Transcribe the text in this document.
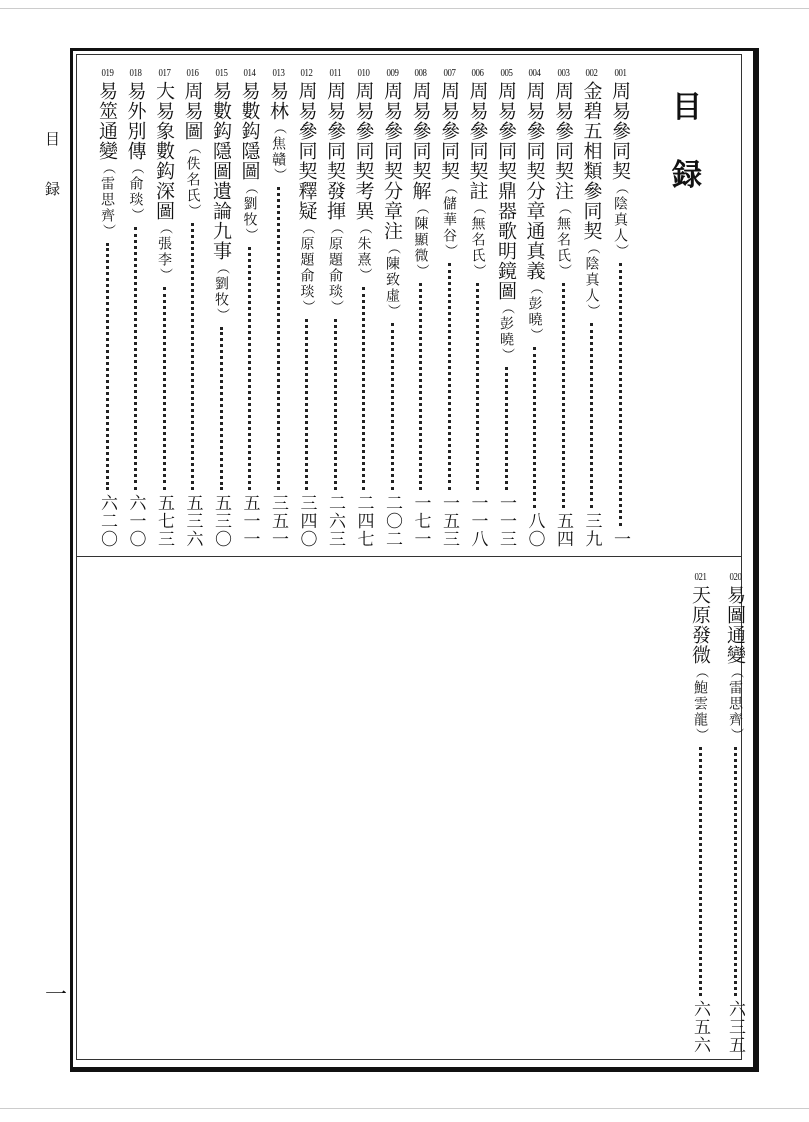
目
録
一
目
録
001
周易參同契
（陰真人）
一
002
金碧五相類參同契
（陰真人）
三九
003
周易參同契注
（無名氏）
五四
004
周易參同契分章通真義
（彭曉）
八〇
005
周易參同契鼎器歌明鏡圖
（彭曉）
一一三
006
周易參同契註
（無名氏）
一一八
007
周易參同契
（儲華谷）
一五三
008
周易參同契解
（陳顯微）
一七一
009
周易參同契分章注
（陳致虛）
二〇二
010
周易參同契考異
（朱熹）
二四七
011
周易參同契發揮
（原題俞琰）
二六三
012
周易參同契釋疑
（原題俞琰）
三四〇
013
易林
（焦贛）
三五一
014
易數鈎隱圖
（劉牧）
五一一
015
易數鈎隱圖遺論九事
（劉牧）
五三〇
016
周易圖
（佚名氏）
五三六
017
大易象數鈎深圖
（張李）
五七三
018
易外別傳
（俞琰）
六一〇
019
易筮通變
（雷思齊）
六二〇
020
易圖通變
（雷思齊）
六三五
021
天原發微
（鮑雲龍）
六五六
